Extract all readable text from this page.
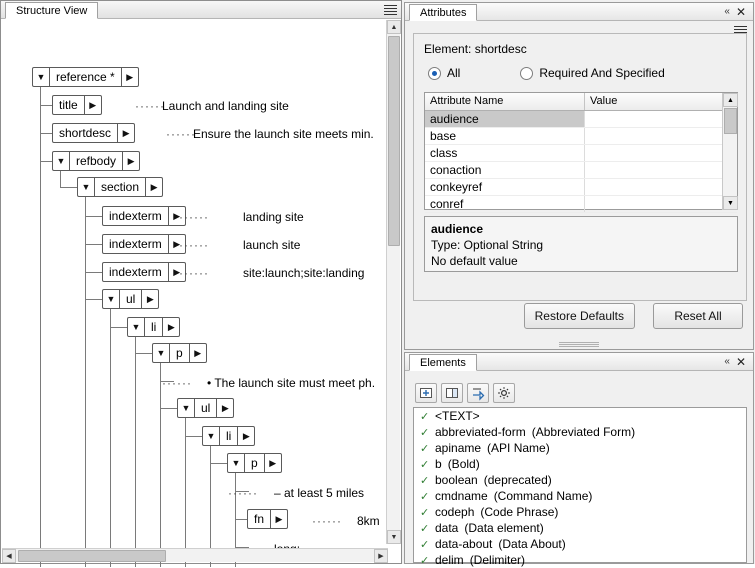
Structure View
▼ reference *	▶
title	▶
shortdesc	▶
▼ refbody	▶
▼ section	▶
indexterm	▶
indexterm	▶
indexterm	▶
▼ ul	▶
▼ li	▶
▼ p	▶
▼ ul	▶
▼ li	▶
▼ p	▶
fn	▶
······
Launch and landing site
······
Ensure the launch site meets min.
······	landing site
······	launch site
······	site:launch;site:landing
······ • The launch site must meet ph.
······ – at least 5 miles
······ 8km
▲
▼
◀	▶
Attributes	« ✕
Element: shortdesc
All	Required And Specified
Attribute Name	Value
audience
base
class
conaction
conkeyref
conref
▲
▼
audience
Type: Optional String
No default value
Restore Defaults	Reset All
Elements	« ✕
✓ <TEXT>
✓ abbreviated-form (Abbreviated Form)
✓ apiname (API Name)
✓ b (Bold)
✓ boolean (deprecated)
✓ cmdname (Command Name)
✓ codeph (Code Phrase)
✓ data (Data element)
✓ data-about (Data About)
✓ delim (Delimiter)
